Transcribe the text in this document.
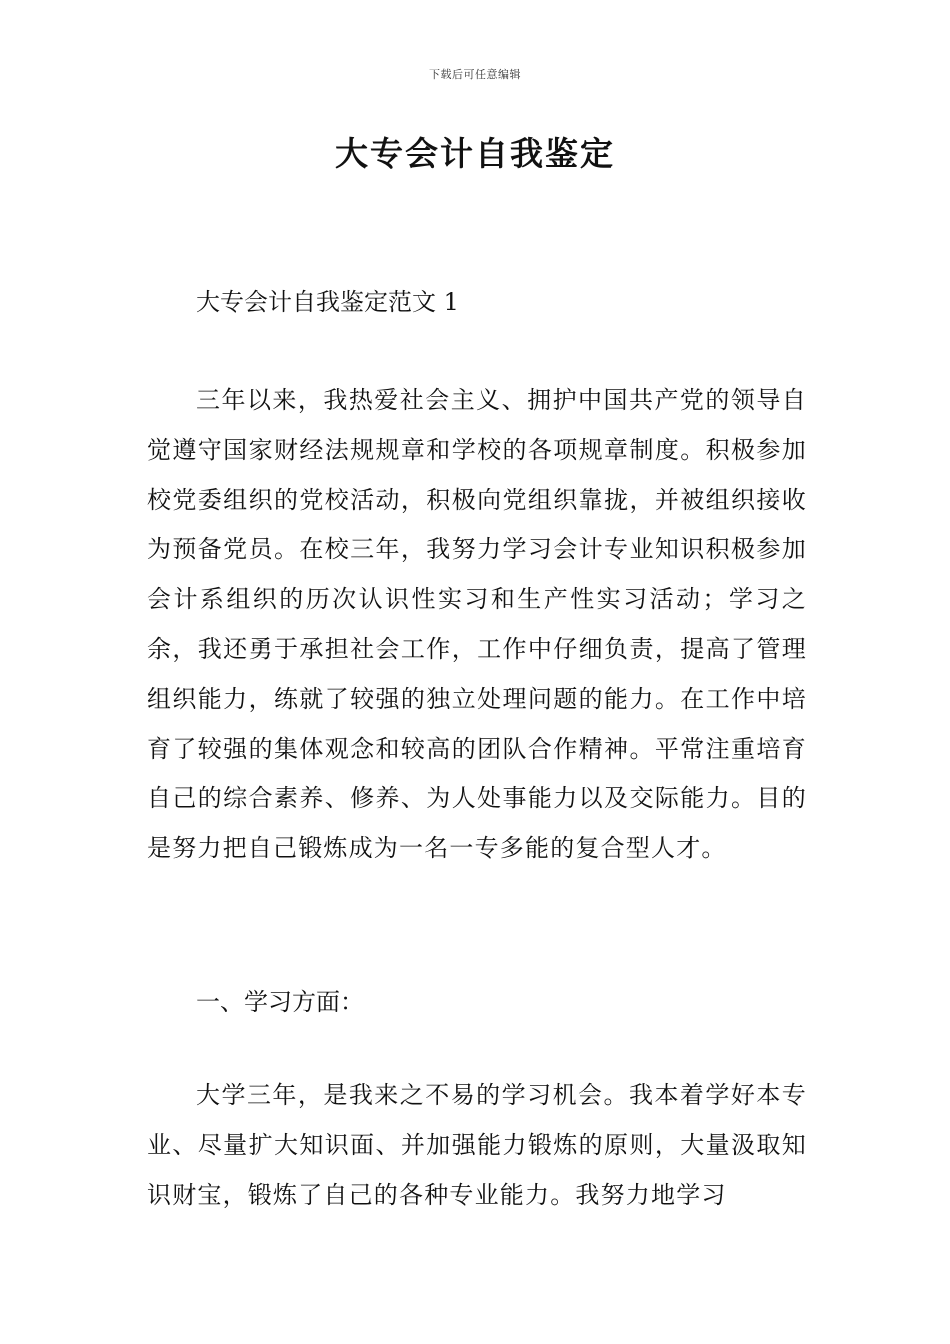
下载后可任意编辑
大专会计自我鉴定
大专会计自我鉴定范文 1

三年以来，我热爱社会主义、拥护中国共产党的领导自觉遵守国家财经法规规章和学校的各项规章制度。积极参加校党委组织的党校活动，积极向党组织靠拢，并被组织接收为预备党员。在校三年，我努力学习会计专业知识积极参加会计系组织的历次认识性实习和生产性实习活动；学习之余，我还勇于承担社会工作，工作中仔细负责，提高了管理组织能力，练就了较强的独立处理问题的能力。在工作中培育了较强的集体观念和较高的团队合作精神。平常注重培育自己的综合素养、修养、为人处事能力以及交际能力。目的是努力把自己锻炼成为一名一专多能的复合型人才。

一、学习方面：

大学三年，是我来之不易的学习机会。我本着学好本专业、尽量扩大知识面、并加强能力锻炼的原则，大量汲取知识财宝，锻炼了自己的各种专业能力。我努力地学习
